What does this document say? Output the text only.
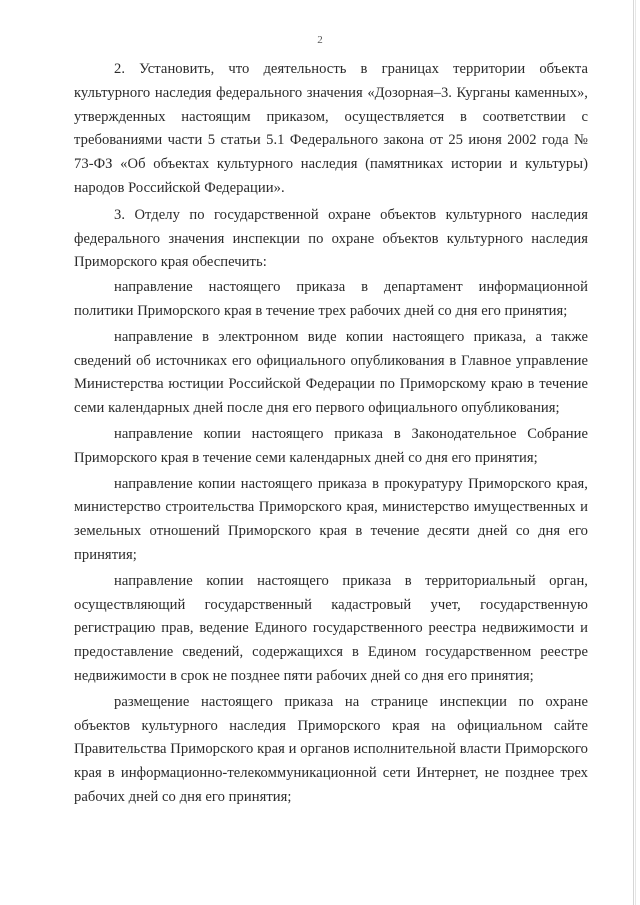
2

2. Установить, что деятельность в границах территории объекта культурного наследия федерального значения «Дозорная–3. Курганы каменных», утвержденных настоящим приказом, осуществляется в соответствии с требованиями части 5 статьи 5.1 Федерального закона от 25 июня 2002 года № 73-ФЗ «Об объектах культурного наследия (памятниках истории и культуры) народов Российской Федерации».

3. Отделу по государственной охране объектов культурного наследия федерального значения инспекции по охране объектов культурного наследия Приморского края обеспечить:

направление настоящего приказа в департамент информационной политики Приморского края в течение трех рабочих дней со дня его принятия;

направление в электронном виде копии настоящего приказа, а также сведений об источниках его официального опубликования в Главное управление Министерства юстиции Российской Федерации по Приморскому краю в течение семи календарных дней после дня его первого официального опубликования;

направление копии настоящего приказа в Законодательное Собрание Приморского края в течение семи календарных дней со дня его принятия;

направление копии настоящего приказа в прокуратуру Приморского края, министерство строительства Приморского края, министерство имущественных и земельных отношений Приморского края в течение десяти дней со дня его принятия;

направление копии настоящего приказа в территориальный орган, осуществляющий государственный кадастровый учет, государственную регистрацию прав, ведение Единого государственного реестра недвижимости и предоставление сведений, содержащихся в Едином государственном реестре недвижимости в срок не позднее пяти рабочих дней со дня его принятия;

размещение настоящего приказа на странице инспекции по охране объектов культурного наследия Приморского края на официальном сайте Правительства Приморского края и органов исполнительной власти Приморского края в информационно-телекоммуникационной сети Интернет, не позднее трех рабочих дней со дня его принятия;
